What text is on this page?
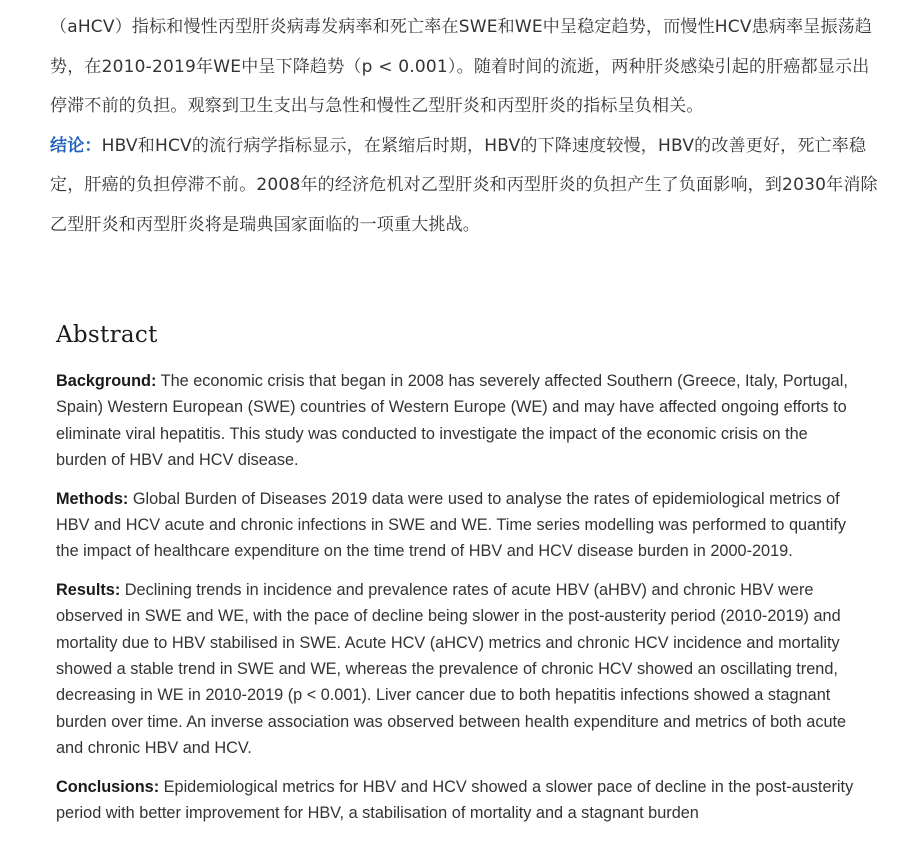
（aHCV）指标和慢性丙型肝炎病毒发病率和死亡率在SWE和WE中呈稳定趋势，而慢性HCV患病率呈振荡趋势，在2010-2019年WE中呈下降趋势（p < 0.001）。随着时间的流逝，两种肝炎感染引起的肝癌都显示出停滞不前的负担。观察到卫生支出与急性和慢性乙型肝炎和丙型肝炎的指标呈负相关。

结论：HBV和HCV的流行病学指标显示，在紧缩后时期，HBV的下降速度较慢，HBV的改善更好，死亡率稳定，肝癌的负担停滞不前。2008年的经济危机对乙型肝炎和丙型肝炎的负担产生了负面影响，到2030年消除乙型肝炎和丙型肝炎将是瑞典国家面临的一项重大挑战。

Abstract

Background: The economic crisis that began in 2008 has severely affected Southern (Greece, Italy, Portugal, Spain) Western European (SWE) countries of Western Europe (WE) and may have affected ongoing efforts to eliminate viral hepatitis. This study was conducted to investigate the impact of the economic crisis on the burden of HBV and HCV disease.

Methods: Global Burden of Diseases 2019 data were used to analyse the rates of epidemiological metrics of HBV and HCV acute and chronic infections in SWE and WE. Time series modelling was performed to quantify the impact of healthcare expenditure on the time trend of HBV and HCV disease burden in 2000-2019.

Results: Declining trends in incidence and prevalence rates of acute HBV (aHBV) and chronic HBV were observed in SWE and WE, with the pace of decline being slower in the post-austerity period (2010-2019) and mortality due to HBV stabilised in SWE. Acute HCV (aHCV) metrics and chronic HCV incidence and mortality showed a stable trend in SWE and WE, whereas the prevalence of chronic HCV showed an oscillating trend, decreasing in WE in 2010-2019 (p < 0.001). Liver cancer due to both hepatitis infections showed a stagnant burden over time. An inverse association was observed between health expenditure and metrics of both acute and chronic HBV and HCV.

Conclusions: Epidemiological metrics for HBV and HCV showed a slower pace of decline in the post-austerity period with better improvement for HBV, a stabilisation of mortality and a stagnant burden
